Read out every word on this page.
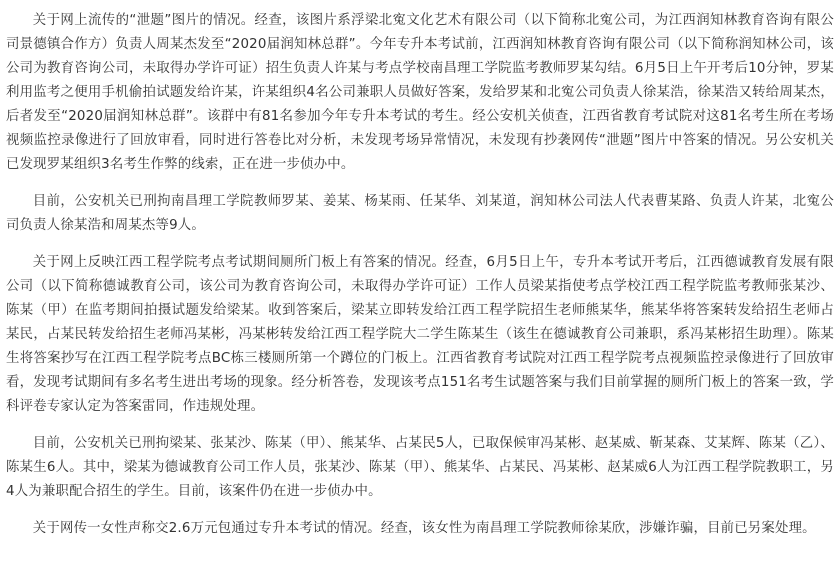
关于网上流传的“泄题”图片的情况。经查，该图片系浮梁北寃文化艺术有限公司（以下简称北寃公司，为江西润知林教育咨询有限公司景德镇合作方）负责人周某杰发至“2020届润知林总群”。今年专升本考试前，江西润知林教育咨询有限公司（以下简称润知林公司，该公司为教育咨询公司，未取得办学许可证）招生负责人许某与考点学校南昌理工学院监考教师罗某勾结。6月5日上午开考后10分钟，罗某利用监考之便用手机偷拍试题发给许某，许某组织4名公司兼职人员做好答案，发给罗某和北寃公司负责人徐某浩，徐某浩又转给周某杰，后者发至“2020届润知林总群”。该群中有81名参加今年专升本考试的考生。经公安机关侦查，江西省教育考试院对这81名考生所在考场视频监控录像进行了回放审看，同时进行答卷比对分析，未发现考场异常情况，未发现有抄袭网传“泄题”图片中答案的情况。另公安机关已发现罗某组织3名考生作弊的线索，正在进一步侦办中。

目前，公安机关已刑拘南昌理工学院教师罗某、姜某、杨某雨、任某华、刘某道，润知林公司法人代表曹某路、负责人许某，北寃公司负责人徐某浩和周某杰等9人。

关于网上反映江西工程学院考点考试期间厕所门板上有答案的情况。经查，6月5日上午，专升本考试开考后，江西德诚教育发展有限公司（以下简称德诚教育公司，该公司为教育咨询公司，未取得办学许可证）工作人员梁某指使考点学校江西工程学院监考教师张某沙、陈某（甲）在监考期间拍摄试题发给梁某。收到答案后，梁某立即转发给江西工程学院招生老师熊某华，熊某华将答案转发给招生老师占某民，占某民转发给招生老师冯某彬，冯某彬转发给江西工程学院大二学生陈某生（该生在德诚教育公司兼职，系冯某彬招生助理）。陈某生将答案抄写在江西工程学院考点BC栋三楼厕所第一个蹲位的门板上。江西省教育考试院对江西工程学院考点视频监控录像进行了回放审看，发现考试期间有多名考生进出考场的现象。经分析答卷，发现该考点151名考生试题答案与我们目前掌握的厕所门板上的答案一致，学科评卷专家认定为答案雷同，作违规处理。

目前，公安机关已刑拘梁某、张某沙、陈某（甲）、熊某华、占某民5人，已取保候审冯某彬、赵某威、靳某森、艾某辉、陈某（乙）、陈某生6人。其中，梁某为德诚教育公司工作人员，张某沙、陈某（甲）、熊某华、占某民、冯某彬、赵某威6人为江西工程学院教职工，另4人为兼职配合招生的学生。目前，该案件仍在进一步侦办中。

关于网传一女性声称交2.6万元包通过专升本考试的情况。经查，该女性为南昌理工学院教师徐某欣，涉嫌诈骗，目前已另案处理。
